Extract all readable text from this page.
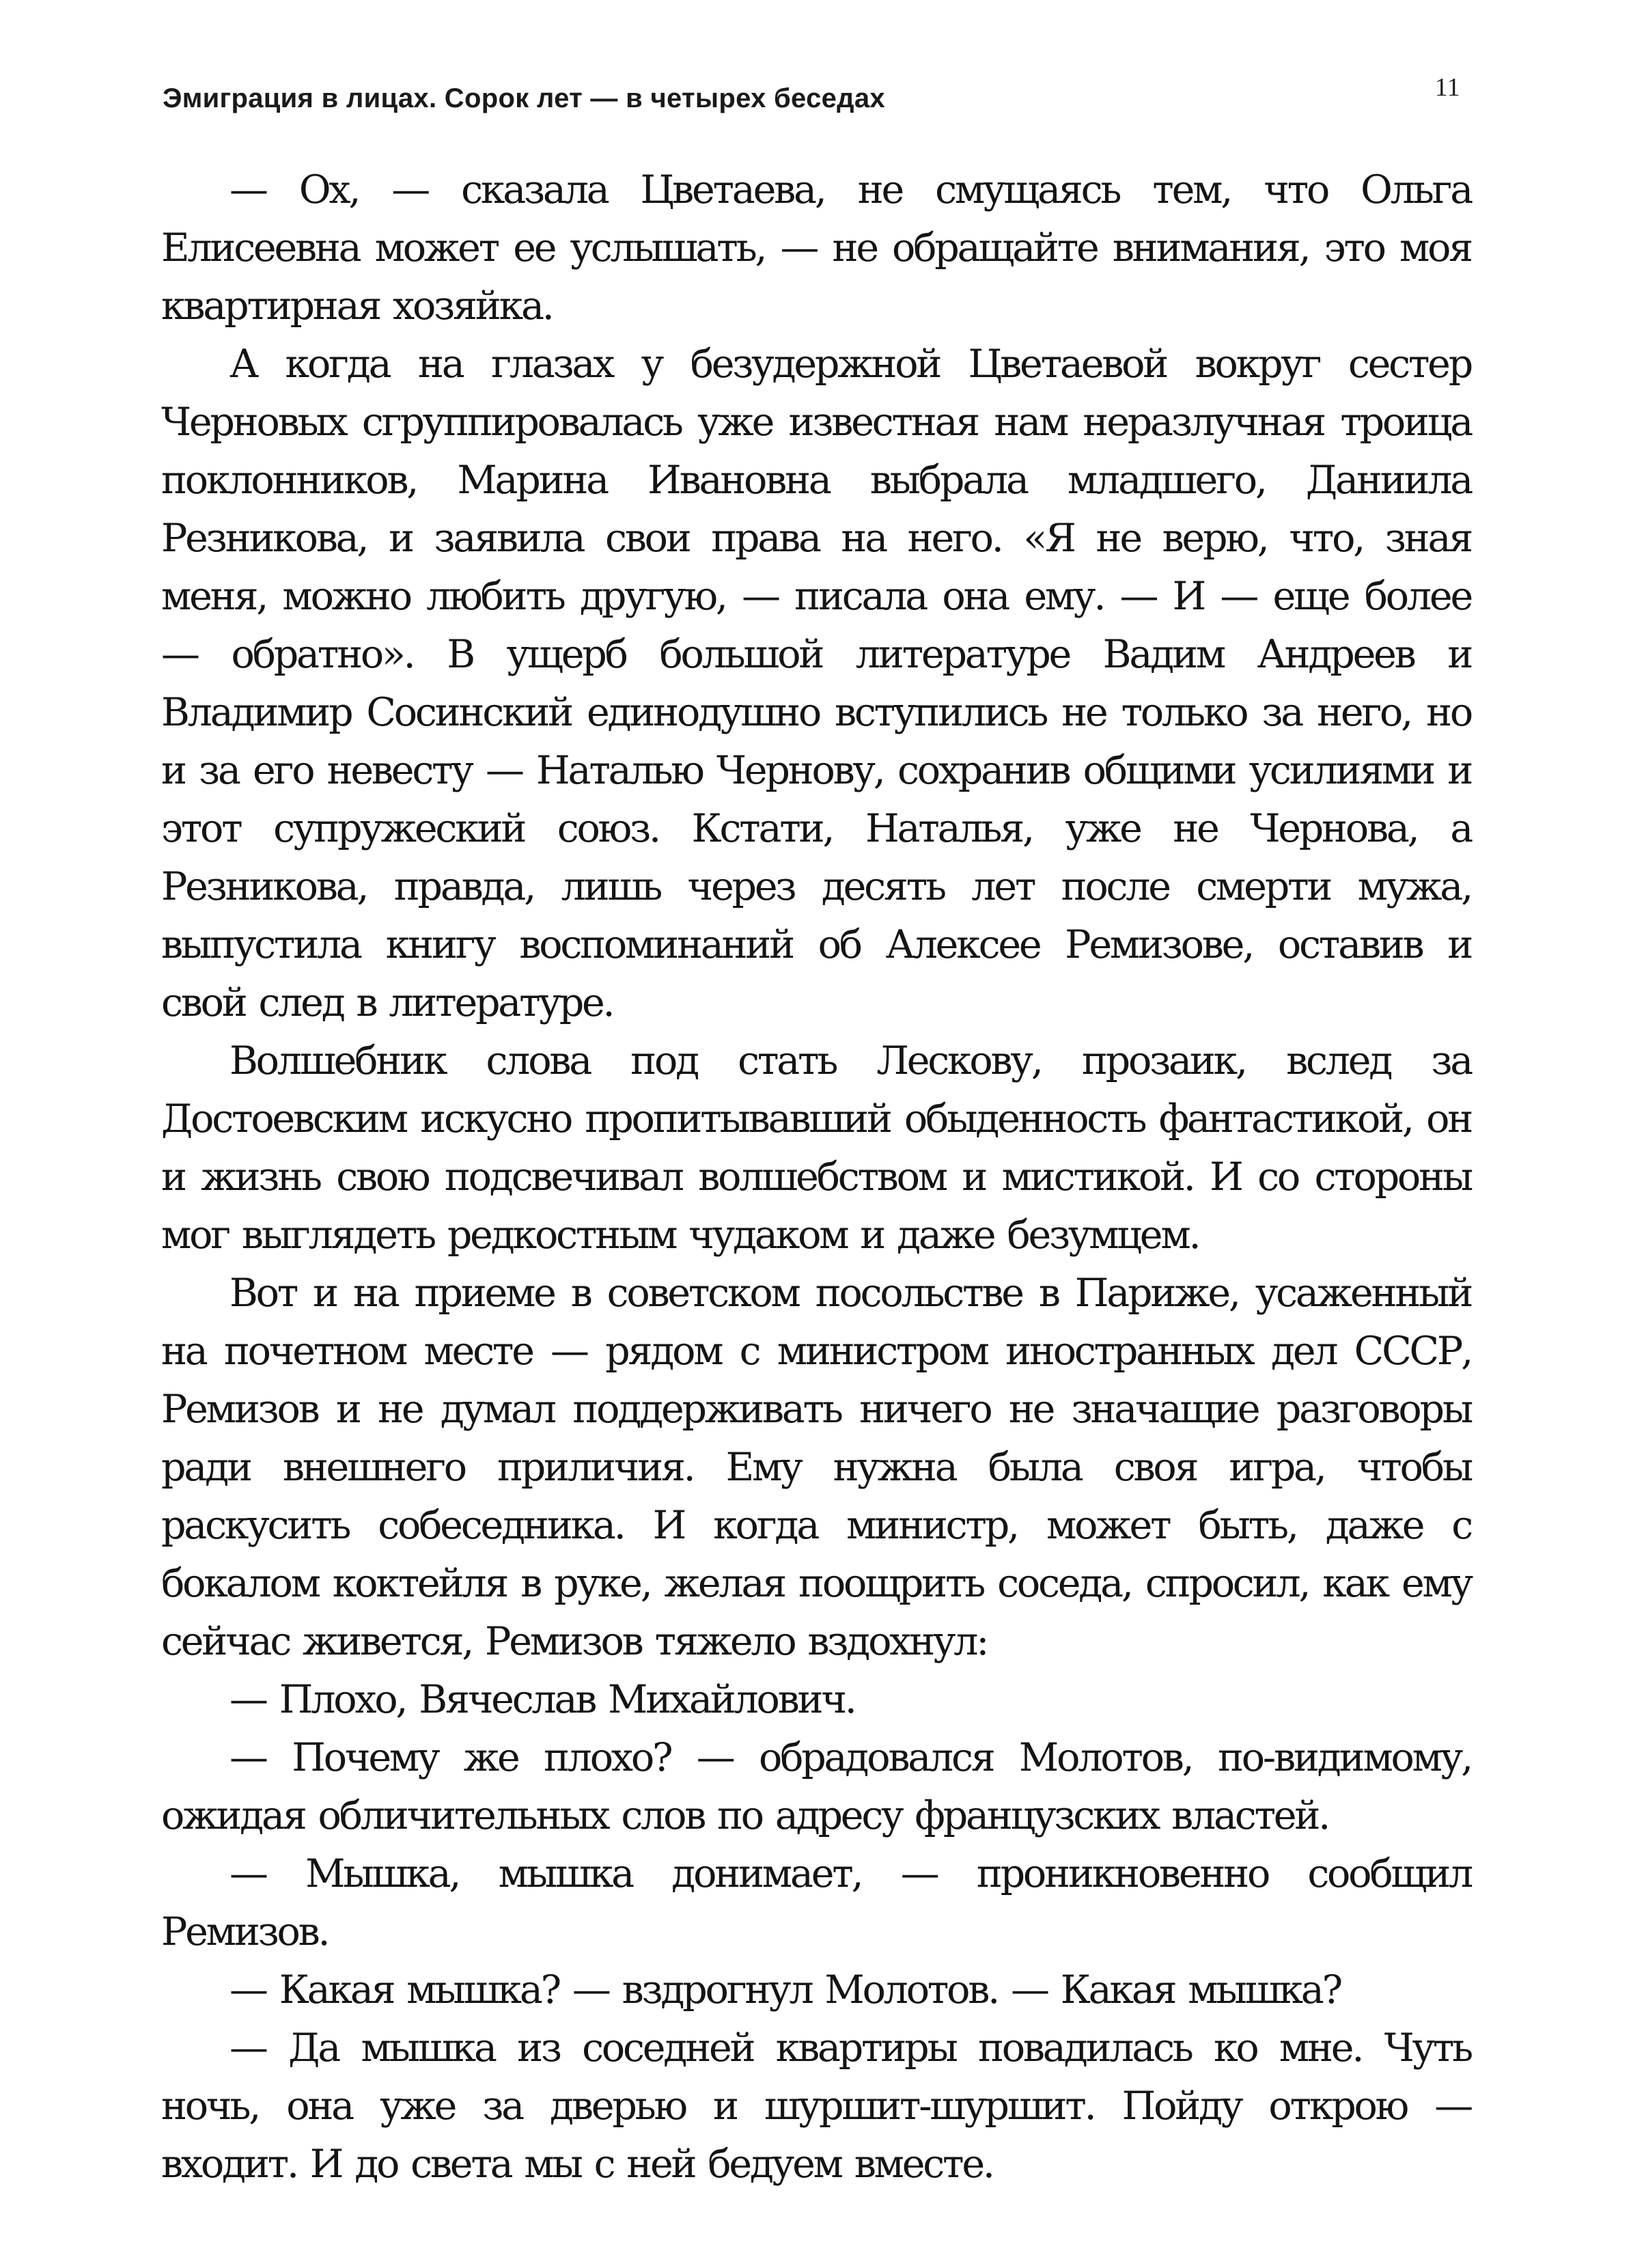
Эмиграция в лицах. Сорок лет — в четырех беседах	11

— Ох, — сказала Цветаева, не смущаясь тем, что Ольга Елисеевна может ее услышать, — не обращайте внимания, это моя квартирная хозяйка.

А когда на глазах у безудержной Цветаевой вокруг сестер Черновых сгруппировалась уже известная нам неразлучная троица поклонников, Марина Ивановна выбрала младшего, Даниила Резникова, и заявила свои права на него. «Я не верю, что, зная меня, можно любить другую, — писала она ему. — И — еще более — обратно». В ущерб большой литературе Вадим Андреев и Владимир Сосинский единодушно вступились не только за него, но и за его невесту — Наталью Чернову, сохранив общими усилиями и этот супружеский союз. Кстати, Наталья, уже не Чернова, а Резникова, правда, лишь через десять лет после смерти мужа, выпустила книгу воспоминаний об Алексее Ремизове, оставив и свой след в литературе.

Волшебник слова под стать Лескову, прозаик, вслед за Достоевским искусно пропитывавший обыденность фантастикой, он и жизнь свою подсвечивал волшебством и мистикой. И со стороны мог выглядеть редкостным чудаком и даже безумцем.

Вот и на приеме в советском посольстве в Париже, усаженный на почетном месте — рядом с министром иностранных дел СССР, Ремизов и не думал поддерживать ничего не значащие разговоры ради внешнего приличия. Ему нужна была своя игра, чтобы раскусить собеседника. И когда министр, может быть, даже с бокалом коктейля в руке, желая поощрить соседа, спросил, как ему сейчас живется, Ремизов тяжело вздохнул:

— Плохо, Вячеслав Михайлович.

— Почему же плохо? — обрадовался Молотов, по-видимому, ожидая обличительных слов по адресу французских властей.

— Мышка, мышка донимает, — проникновенно сообщил Ремизов.

— Какая мышка? — вздрогнул Молотов. — Какая мышка?

— Да мышка из соседней квартиры повадилась ко мне. Чуть ночь, она уже за дверью и шуршит-шуршит. Пойду открою — входит. И до света мы с ней бедуем вместе.
